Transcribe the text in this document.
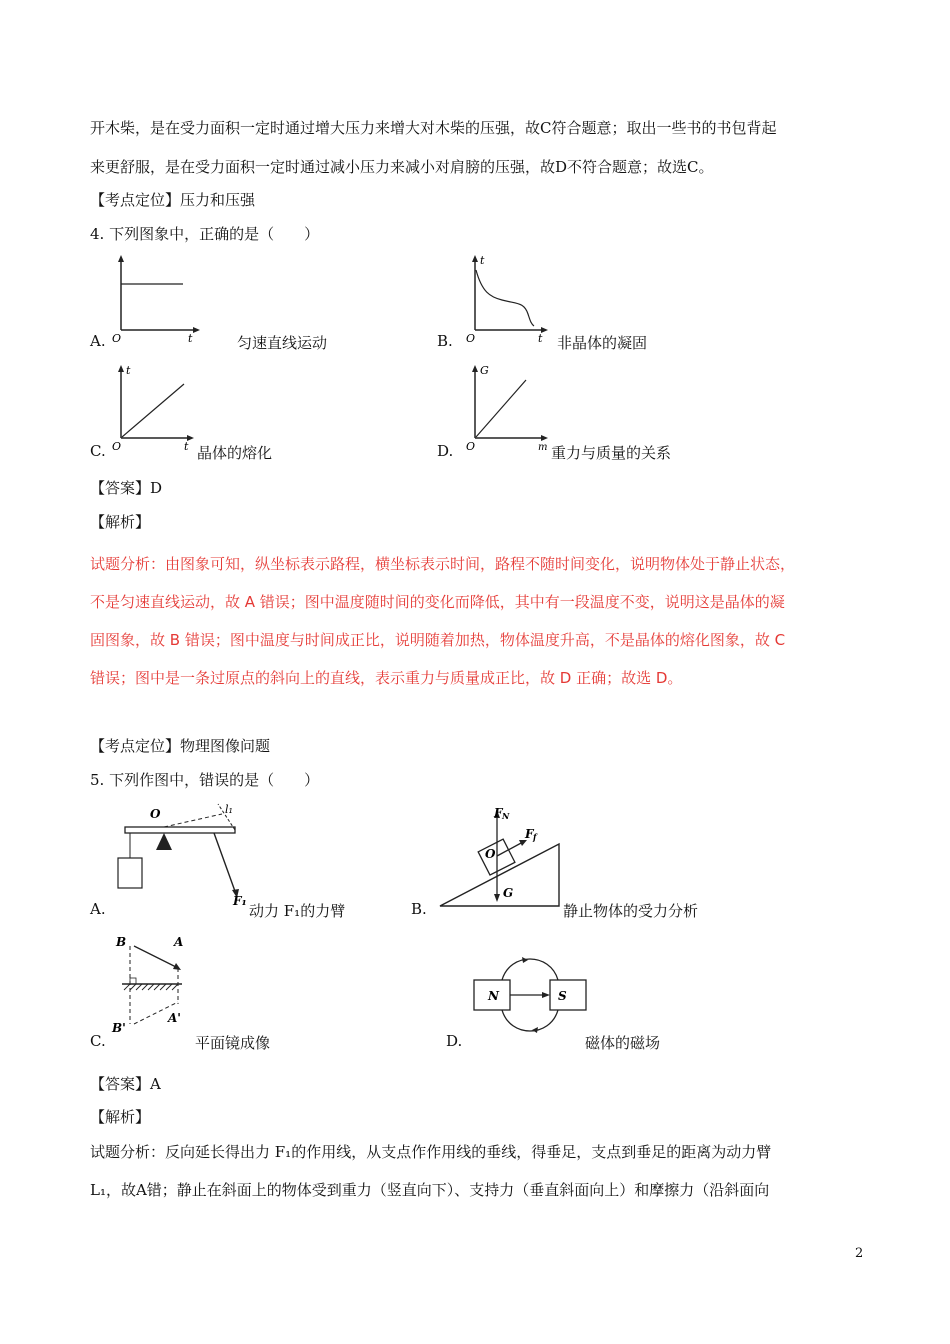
开木柴，是在受力面积一定时通过增大压力来增大对木柴的压强，故C符合题意；取出一些书的书包背起
来更舒服，是在受力面积一定时通过减小压力来减小对肩膀的压强，故D不符合题意；故选C。
【考点定位】压力和压强
4. 下列图象中，正确的是（　　）
O	t
A.	匀速直线运动
t
O	t
B.	非晶体的凝固
t
O	t
C.	晶体的熔化
G
O	m
D.	重力与质量的关系
【答案】D
【解析】
试题分析：由图象可知，纵坐标表示路程，横坐标表示时间，路程不随时间变化，说明物体处于静止状态，
不是匀速直线运动，故 A 错误；图中温度随时间的变化而降低，其中有一段温度不变，说明这是晶体的凝
固图象，故 B 错误；图中温度与时间成正比，说明随着加热，物体温度升高，不是晶体的熔化图象，故 C
错误；图中是一条过原点的斜向上的直线，表示重力与质量成正比，故 D 正确；故选 D。
【考点定位】物理图像问题
5. 下列作图中，错误的是（　　）
O	l₁
F₁
A.	动力 F₁的力臂
F N
F f
O
G
B.	静止物体的受力分析
B	A
B'
A'
C.	平面镜成像
N	S
D.	磁体的磁场
【答案】A
【解析】
试题分析：反向延长得出力 F₁的作用线，从支点作作用线的垂线，得垂足，支点到垂足的距离为动力臂
L₁，故A错；静止在斜面上的物体受到重力（竖直向下）、支持力（垂直斜面向上）和摩擦力（沿斜面向
2
